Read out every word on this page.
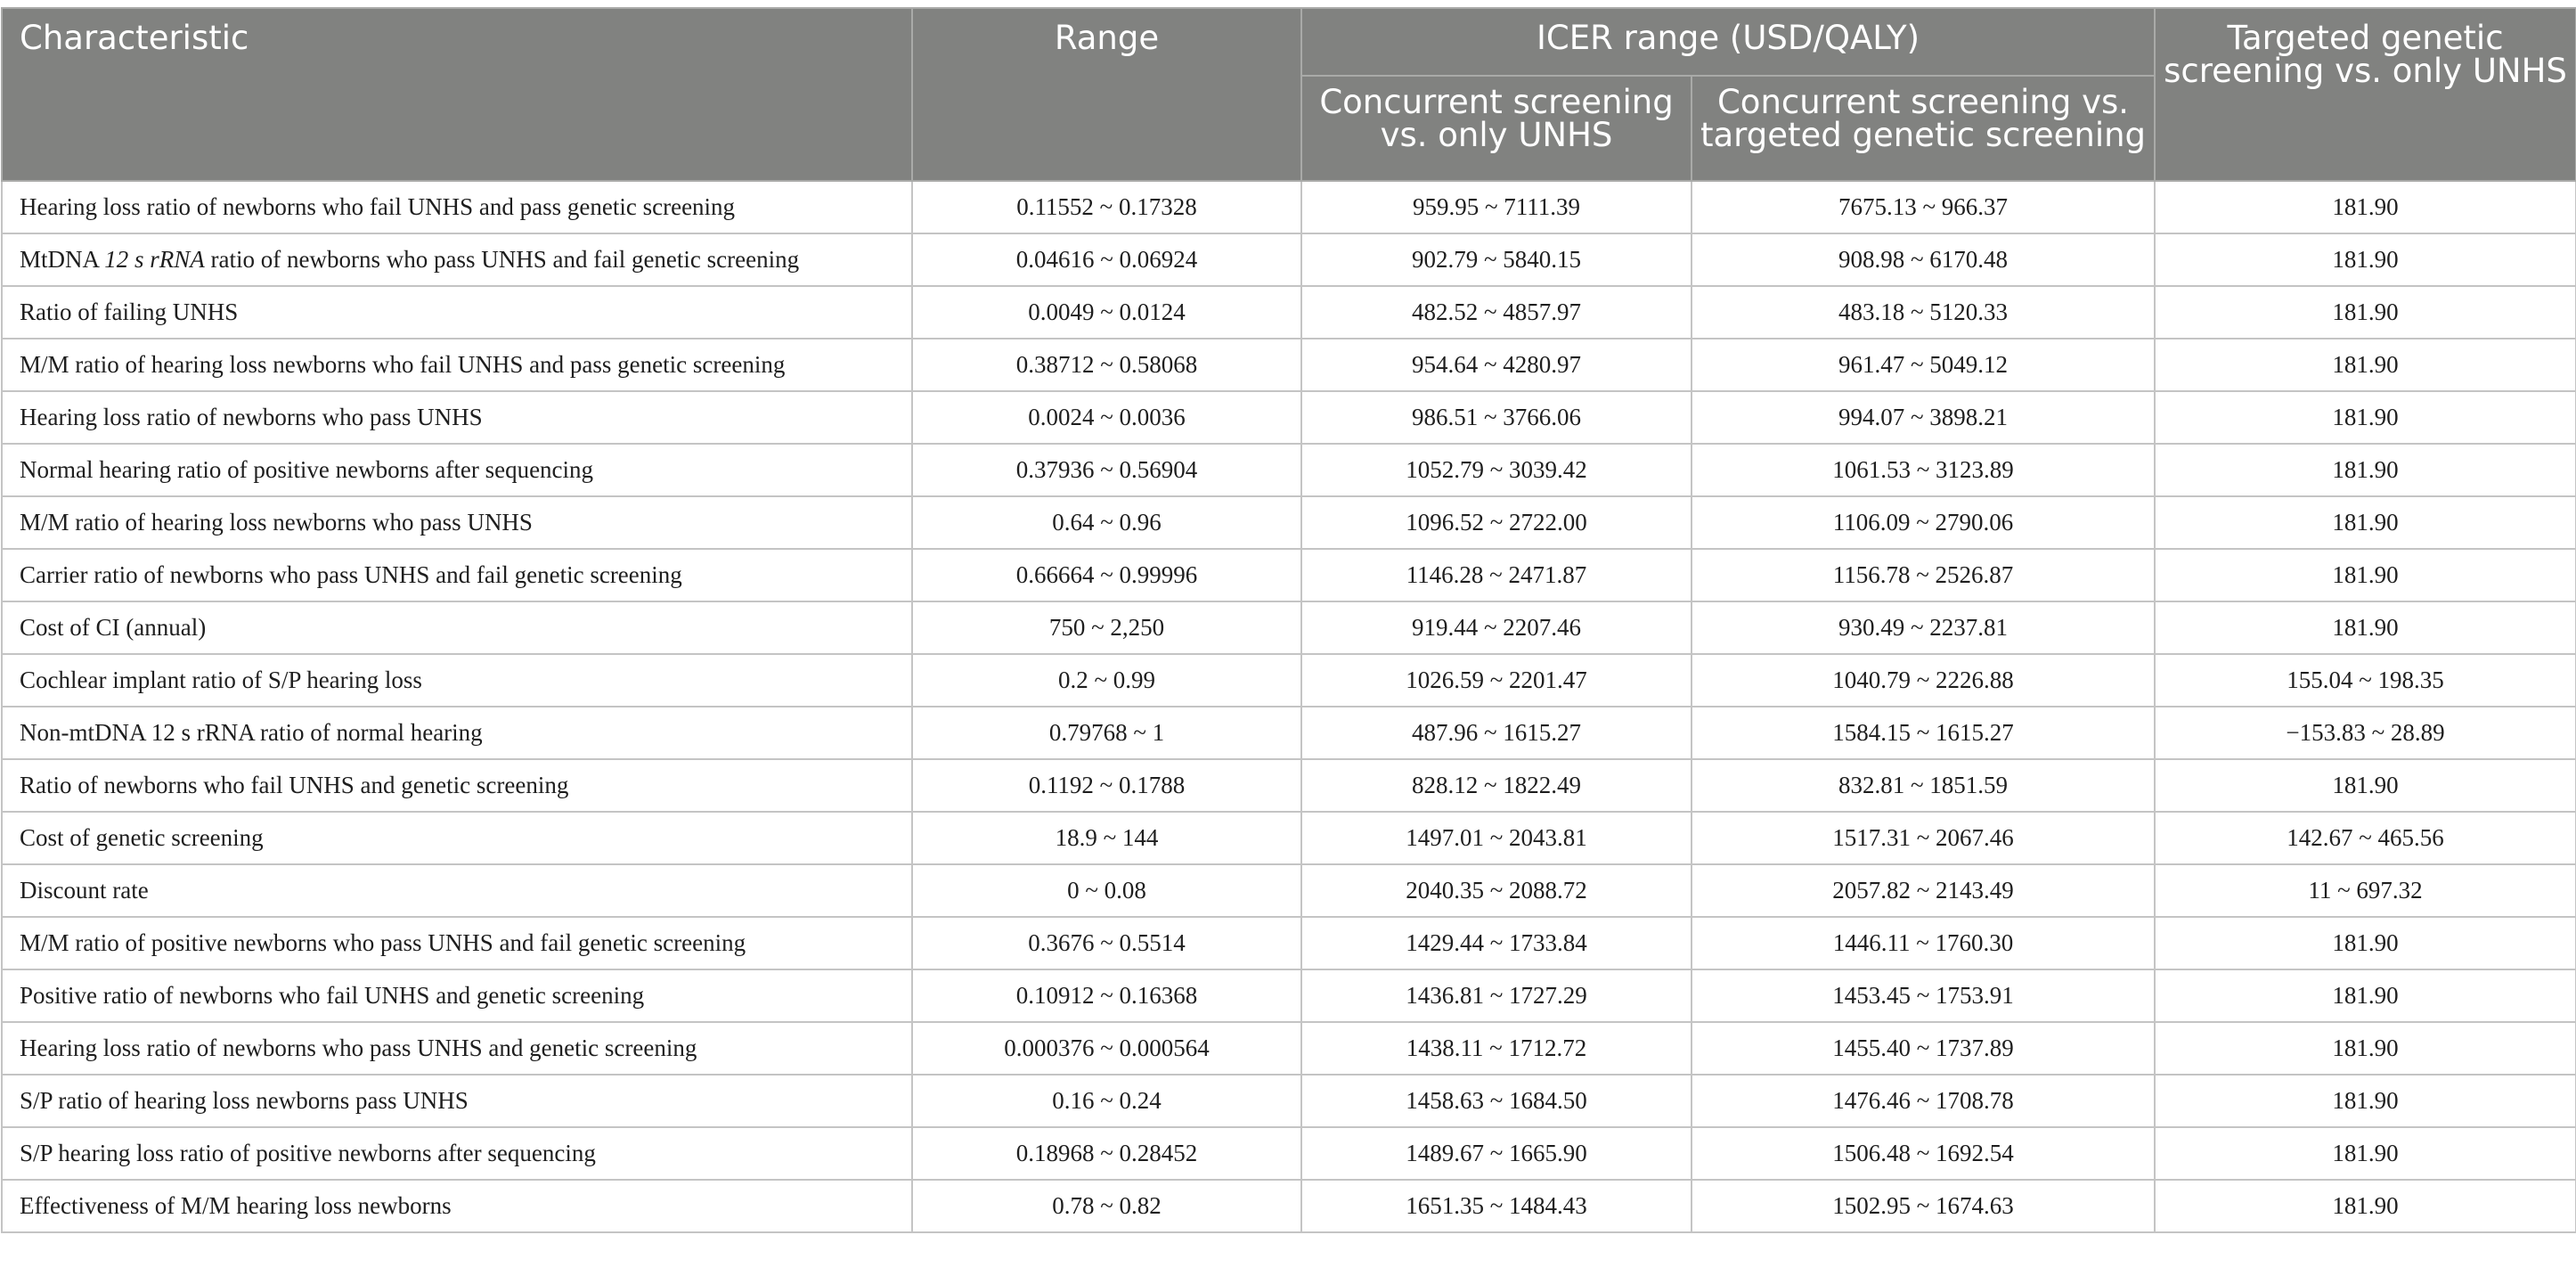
Characteristic	Range	ICER range (USD/QALY)		Targeted genetic screening vs. only UNHS
		Concurrent screening vs. only UNHS	Concurrent screening vs. targeted genetic screening	
Hearing loss ratio of newborns who fail UNHS and pass genetic screening	0.11552 ~ 0.17328	959.95 ~ 7111.39	7675.13 ~ 966.37	181.90
MtDNA 12 s rRNA ratio of newborns who pass UNHS and fail genetic screening	0.04616 ~ 0.06924	902.79 ~ 5840.15	908.98 ~ 6170.48	181.90
Ratio of failing UNHS	0.0049 ~ 0.0124	482.52 ~ 4857.97	483.18 ~ 5120.33	181.90
M/M ratio of hearing loss newborns who fail UNHS and pass genetic screening	0.38712 ~ 0.58068	954.64 ~ 4280.97	961.47 ~ 5049.12	181.90
Hearing loss ratio of newborns who pass UNHS	0.0024 ~ 0.0036	986.51 ~ 3766.06	994.07 ~ 3898.21	181.90
Normal hearing ratio of positive newborns after sequencing	0.37936 ~ 0.56904	1052.79 ~ 3039.42	1061.53 ~ 3123.89	181.90
M/M ratio of hearing loss newborns who pass UNHS	0.64 ~ 0.96	1096.52 ~ 2722.00	1106.09 ~ 2790.06	181.90
Carrier ratio of newborns who pass UNHS and fail genetic screening	0.66664 ~ 0.99996	1146.28 ~ 2471.87	1156.78 ~ 2526.87	181.90
Cost of CI (annual)	750 ~ 2,250	919.44 ~ 2207.46	930.49 ~ 2237.81	181.90
Cochlear implant ratio of S/P hearing loss	0.2 ~ 0.99	1026.59 ~ 2201.47	1040.79 ~ 2226.88	155.04 ~ 198.35
Non-mtDNA 12 s rRNA ratio of normal hearing	0.79768 ~ 1	487.96 ~ 1615.27	1584.15 ~ 1615.27	−153.83 ~ 28.89
Ratio of newborns who fail UNHS and genetic screening	0.1192 ~ 0.1788	828.12 ~ 1822.49	832.81 ~ 1851.59	181.90
Cost of genetic screening	18.9 ~ 144	1497.01 ~ 2043.81	1517.31 ~ 2067.46	142.67 ~ 465.56
Discount rate	0 ~ 0.08	2040.35 ~ 2088.72	2057.82 ~ 2143.49	11 ~ 697.32
M/M ratio of positive newborns who pass UNHS and fail genetic screening	0.3676 ~ 0.5514	1429.44 ~ 1733.84	1446.11 ~ 1760.30	181.90
Positive ratio of newborns who fail UNHS and genetic screening	0.10912 ~ 0.16368	1436.81 ~ 1727.29	1453.45 ~ 1753.91	181.90
Hearing loss ratio of newborns who pass UNHS and genetic screening	0.000376 ~ 0.000564	1438.11 ~ 1712.72	1455.40 ~ 1737.89	181.90
S/P ratio of hearing loss newborns pass UNHS	0.16 ~ 0.24	1458.63 ~ 1684.50	1476.46 ~ 1708.78	181.90
S/P hearing loss ratio of positive newborns after sequencing	0.18968 ~ 0.28452	1489.67 ~ 1665.90	1506.48 ~ 1692.54	181.90
Effectiveness of M/M hearing loss newborns	0.78 ~ 0.82	1651.35 ~ 1484.43	1502.95 ~ 1674.63	181.90
